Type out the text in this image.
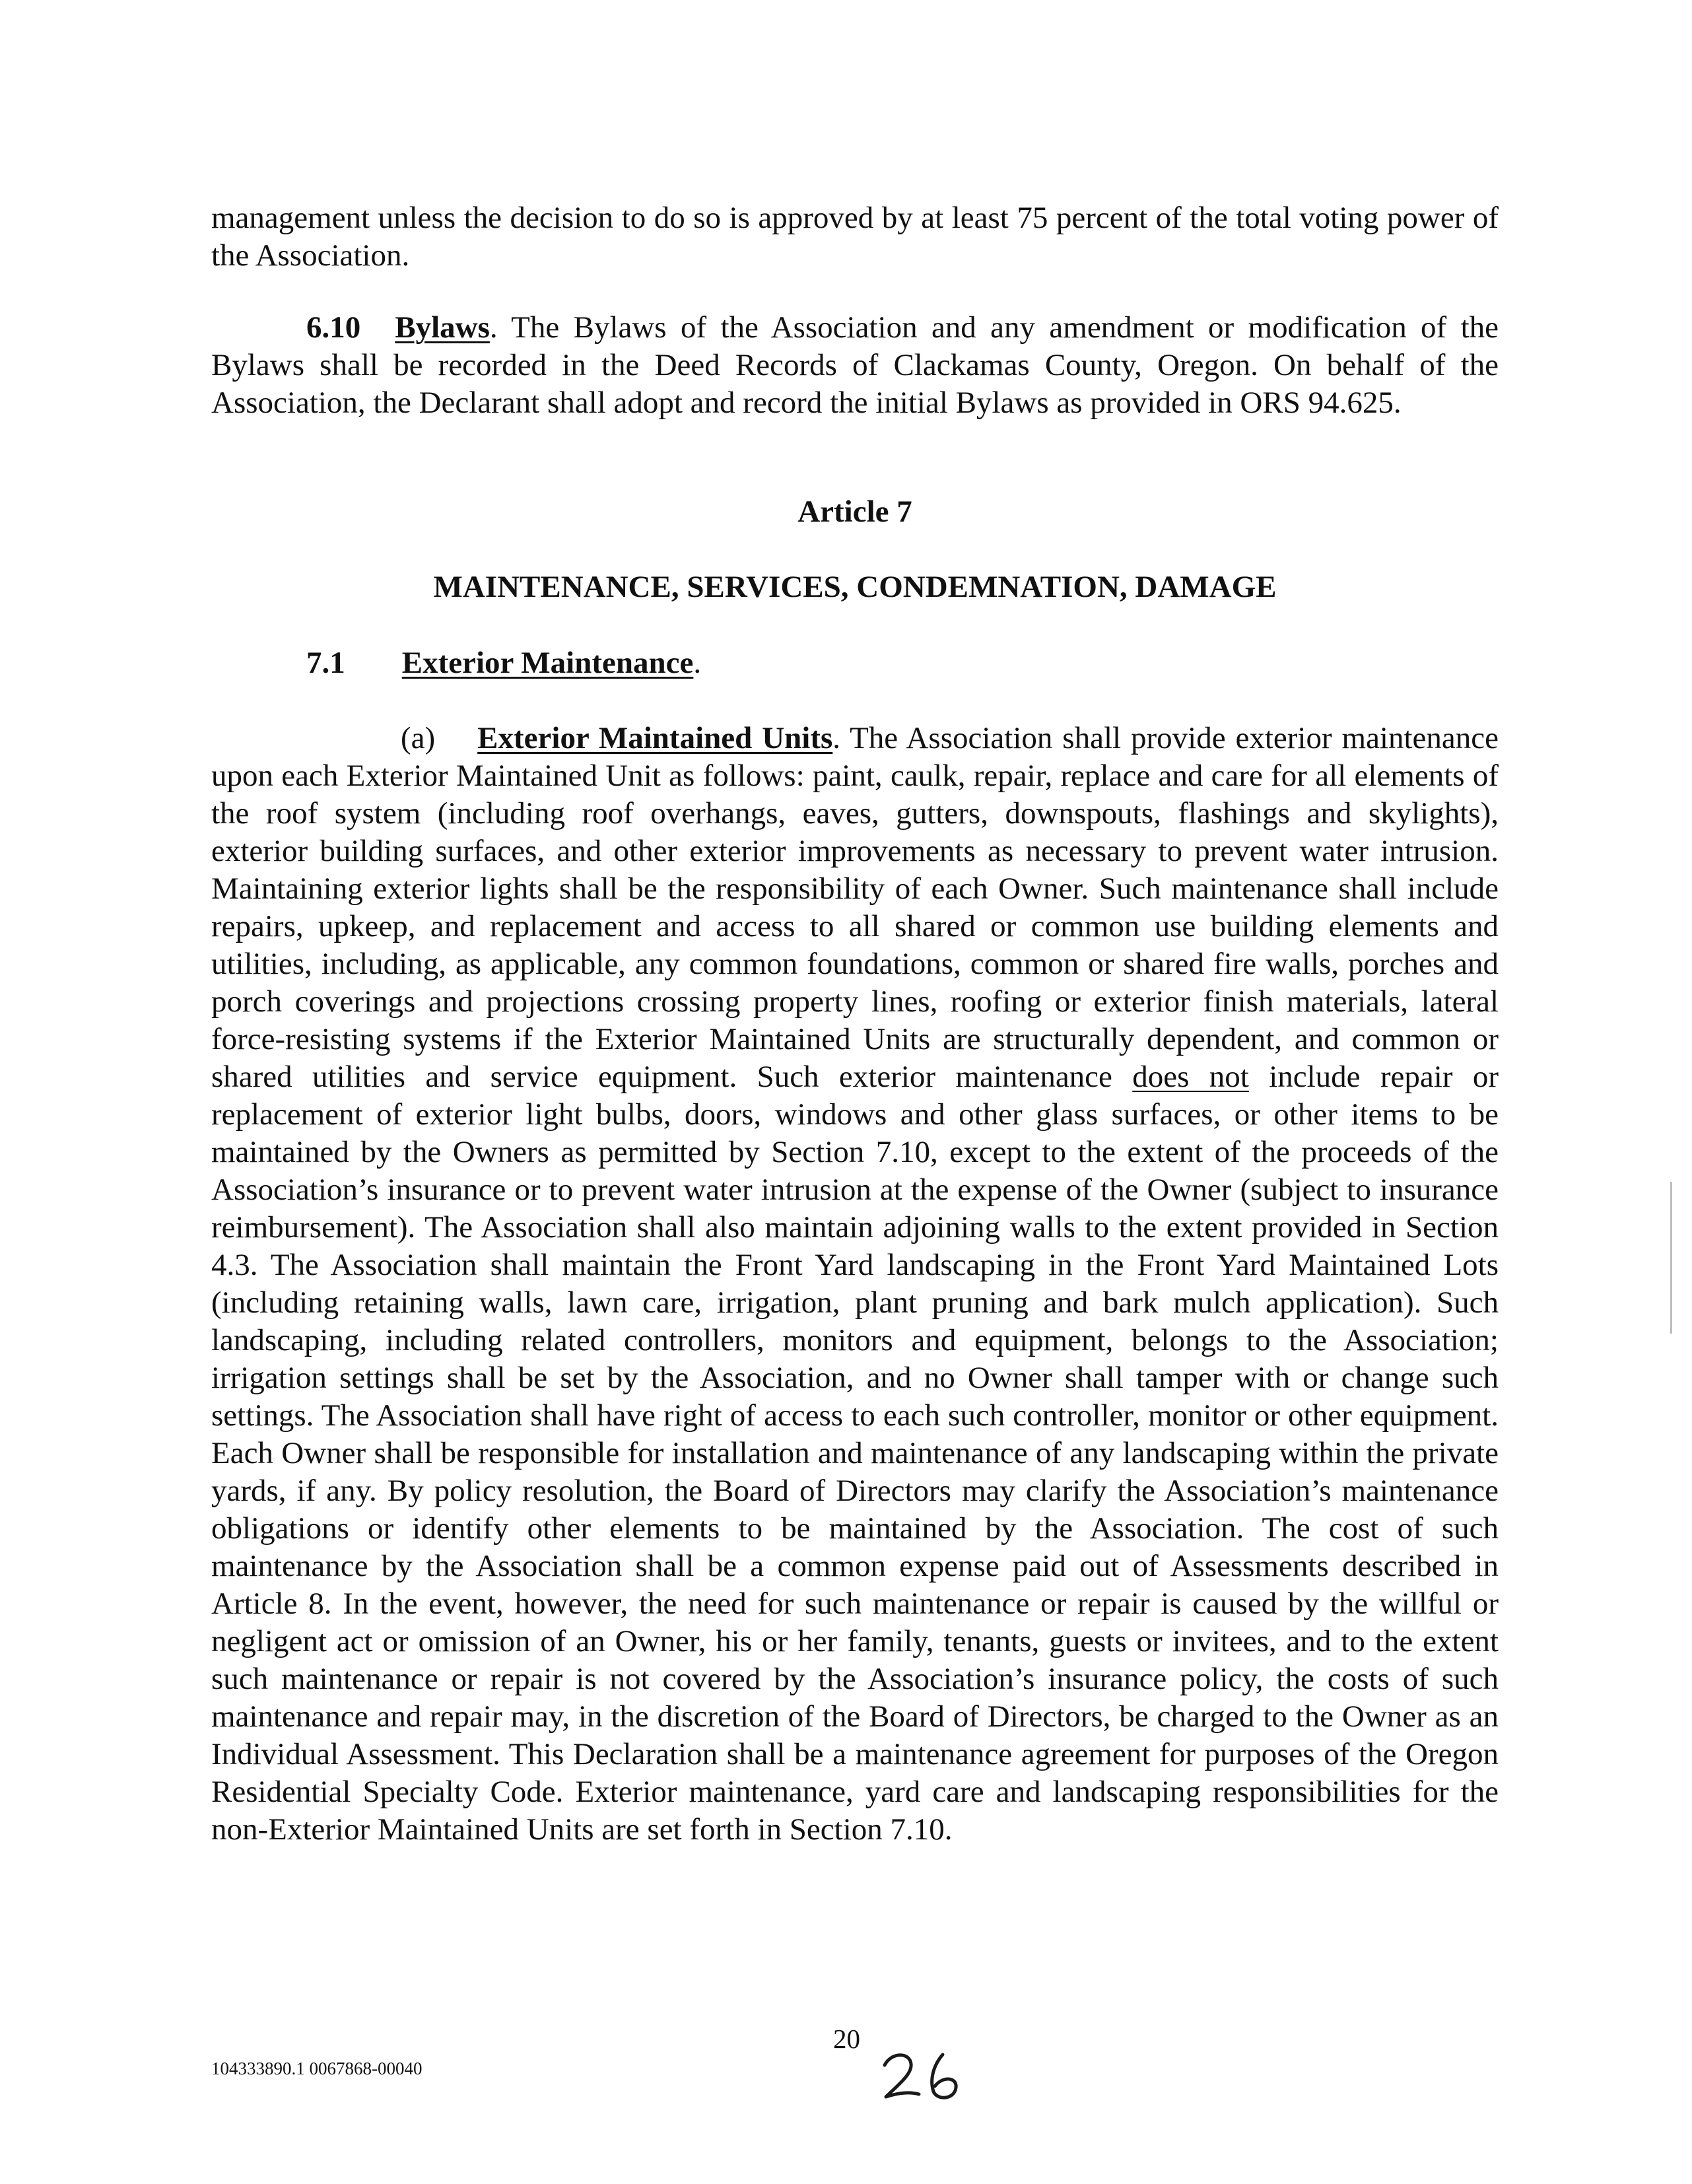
management unless the decision to do so is approved by at least 75 percent of the total voting power of the Association.
6.10 Bylaws. The Bylaws of the Association and any amendment or modification of the Bylaws shall be recorded in the Deed Records of Clackamas County, Oregon. On behalf of the Association, the Declarant shall adopt and record the initial Bylaws as provided in ORS 94.625.
Article 7
MAINTENANCE, SERVICES, CONDEMNATION, DAMAGE
7.1 Exterior Maintenance.
(a) Exterior Maintained Units. The Association shall provide exterior maintenance upon each Exterior Maintained Unit as follows: paint, caulk, repair, replace and care for all elements of the roof system (including roof overhangs, eaves, gutters, downspouts, flashings and skylights), exterior building surfaces, and other exterior improvements as necessary to prevent water intrusion. Maintaining exterior lights shall be the responsibility of each Owner. Such maintenance shall include repairs, upkeep, and replacement and access to all shared or common use building elements and utilities, including, as applicable, any common foundations, common or shared fire walls, porches and porch coverings and projections crossing property lines, roofing or exterior finish materials, lateral force-resisting systems if the Exterior Maintained Units are structurally dependent, and common or shared utilities and service equipment. Such exterior maintenance does not include repair or replacement of exterior light bulbs, doors, windows and other glass surfaces, or other items to be maintained by the Owners as permitted by Section 7.10, except to the extent of the proceeds of the Association’s insurance or to prevent water intrusion at the expense of the Owner (subject to insurance reimbursement). The Association shall also maintain adjoining walls to the extent provided in Section 4.3. The Association shall maintain the Front Yard landscaping in the Front Yard Maintained Lots (including retaining walls, lawn care, irrigation, plant pruning and bark mulch application). Such landscaping, including related controllers, monitors and equipment, belongs to the Association; irrigation settings shall be set by the Association, and no Owner shall tamper with or change such settings. The Association shall have right of access to each such controller, monitor or other equipment. Each Owner shall be responsible for installation and maintenance of any landscaping within the private yards, if any. By policy resolution, the Board of Directors may clarify the Association’s maintenance obligations or identify other elements to be maintained by the Association. The cost of such maintenance by the Association shall be a common expense paid out of Assessments described in Article 8. In the event, however, the need for such maintenance or repair is caused by the willful or negligent act or omission of an Owner, his or her family, tenants, guests or invitees, and to the extent such maintenance or repair is not covered by the Association’s insurance policy, the costs of such maintenance and repair may, in the discretion of the Board of Directors, be charged to the Owner as an Individual Assessment. This Declaration shall be a maintenance agreement for purposes of the Oregon Residential Specialty Code. Exterior maintenance, yard care and landscaping responsibilities for the non-Exterior Maintained Units are set forth in Section 7.10.
20
104333890.1 0067868-00040
